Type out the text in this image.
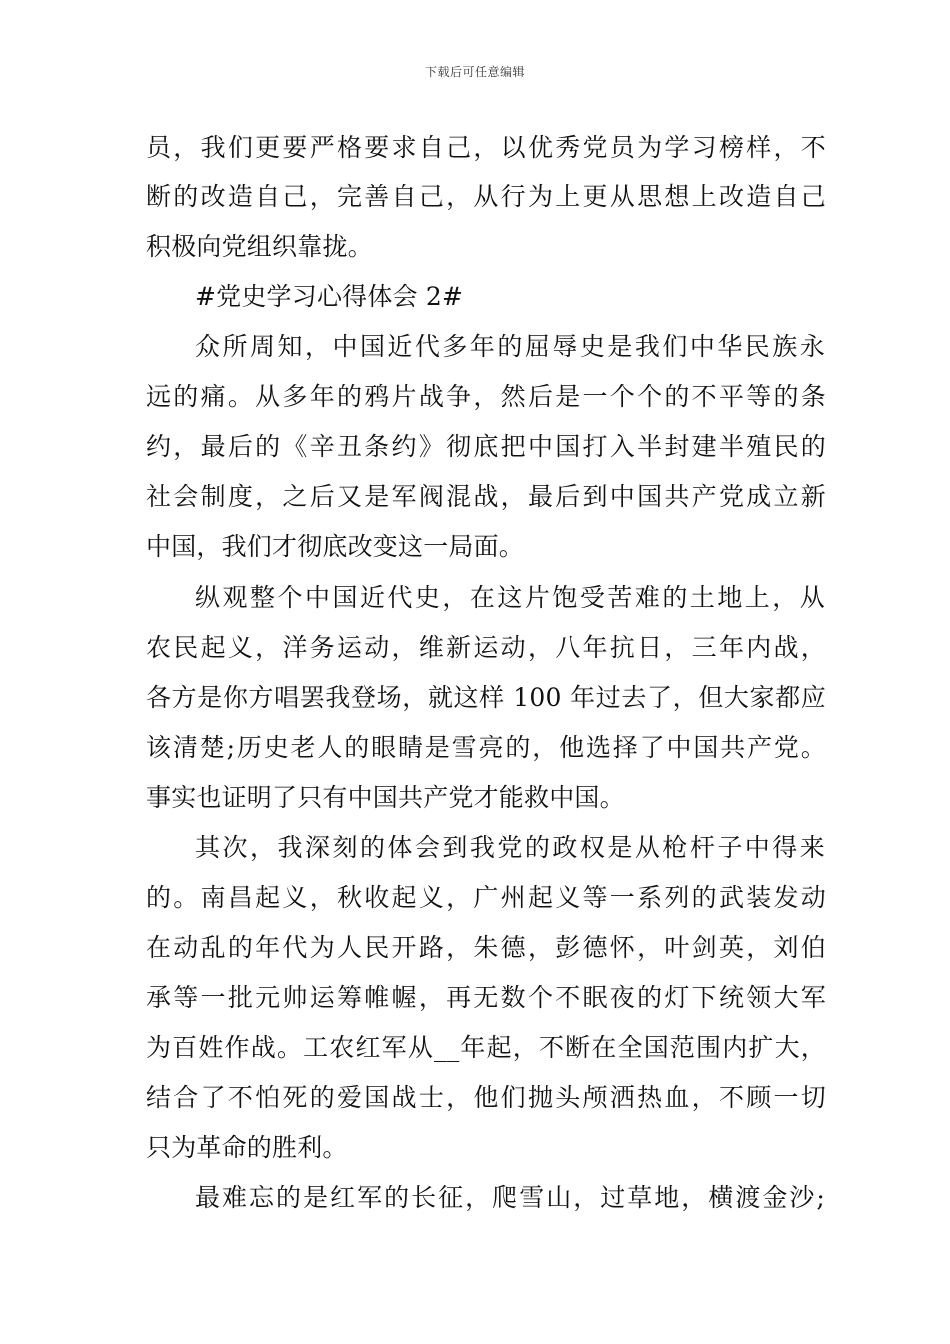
下载后可任意编辑
员，我们更要严格要求自己，以优秀党员为学习榜样，不
断的改造自己，完善自己，从行为上更从思想上改造自己
积极向党组织靠拢。
#党史学习心得体会 2#
众所周知，中国近代多年的屈辱史是我们中华民族永
远的痛。从多年的鸦片战争，然后是一个个的不平等的条
约，最后的《辛丑条约》彻底把中国打入半封建半殖民的
社会制度，之后又是军阀混战，最后到中国共产党成立新
中国，我们才彻底改变这一局面。
纵观整个中国近代史，在这片饱受苦难的土地上，从
农民起义，洋务运动，维新运动，八年抗日，三年内战，
各方是你方唱罢我登场，就这样 100 年过去了，但大家都应
该清楚;历史老人的眼睛是雪亮的，他选择了中国共产党。
事实也证明了只有中国共产党才能救中国。
其次，我深刻的体会到我党的政权是从枪杆子中得来
的。南昌起义，秋收起义，广州起义等一系列的武装发动
在动乱的年代为人民开路，朱德，彭德怀，叶剑英，刘伯
承等一批元帅运筹帷幄，再无数个不眠夜的灯下统领大军
为百姓作战。工农红军从__年起，不断在全国范围内扩大，
结合了不怕死的爱国战士，他们抛头颅洒热血，不顾一切
只为革命的胜利。
最难忘的是红军的长征，爬雪山，过草地，横渡金沙;
